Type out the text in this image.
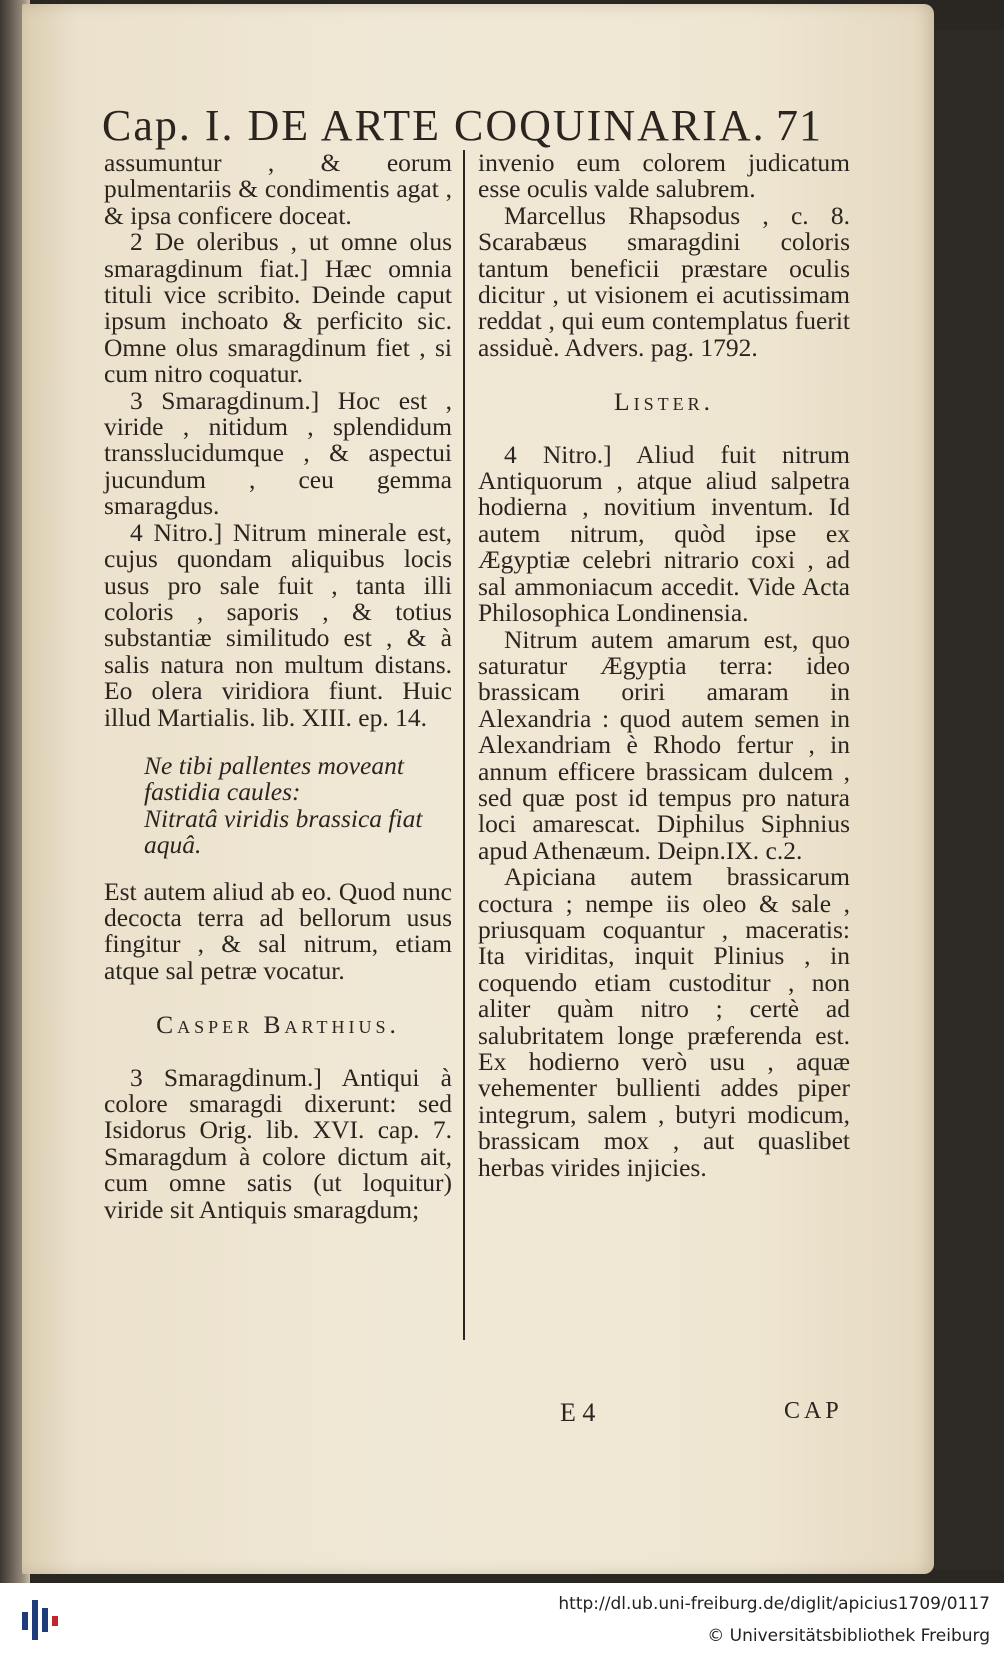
Cap. I. DE ARTE COQUINARIA. 71

assumuntur , & eorum pulmentariis & condimentis agat , & ipsa conficere doceat.

2 De oleribus , ut omne olus smaragdinum fiat.] Hæc omnia tituli vice scribito. Deinde caput ipsum inchoato & perficito sic. Omne olus smaragdinum fiet , si cum nitro coquatur.

3 Smaragdinum.] Hoc est , viride , nitidum , splendidum transslucidumque , & aspectui jucundum , ceu gemma smaragdus.

4 Nitro.] Nitrum minerale est, cujus quondam aliquibus locis usus pro sale fuit , tanta illi coloris , saporis , & totius substantiæ similitudo est , & à salis natura non multum distans. Eo olera viridiora fiunt. Huic illud Martialis. lib. XIII. ep. 14.

Ne tibi pallentes moveant fastidia caules:
Nitratâ viridis brassica fiat aquâ.

Est autem aliud ab eo. Quod nunc decocta terra ad bellorum usus fingitur , & sal nitrum, etiam atque sal petræ vocatur.

Casper Barthius.

3 Smaragdinum.] Antiqui à colore smaragdi dixerunt: sed Isidorus Orig. lib. XVI. cap. 7. Smaragdum à colore dictum ait, cum omne satis (ut loquitur) viride sit Antiquis smaragdum;

invenio eum colorem judicatum esse oculis valde salubrem.

Marcellus Rhapsodus , c. 8. Scarabæus smaragdini coloris tantum beneficii præstare oculis dicitur , ut visionem ei acutissimam reddat , qui eum contemplatus fuerit assiduè. Advers. pag. 1792.

Lister.

4 Nitro.] Aliud fuit nitrum Antiquorum , atque aliud salpetra hodierna , novitium inventum. Id autem nitrum, quòd ipse ex Ægyptiæ celebri nitrario coxi , ad sal ammoniacum accedit. Vide Acta Philosophica Londinensia.

Nitrum autem amarum est, quo saturatur Ægyptia terra: ideo brassicam oriri amaram in Alexandria : quod autem semen in Alexandriam è Rhodo fertur , in annum efficere brassicam dulcem , sed quæ post id tempus pro natura loci amarescat. Diphilus Siphnius apud Athenæum. Deipn.IX. c.2.

Apiciana autem brassicarum coctura ; nempe iis oleo & sale , priusquam coquantur , maceratis: Ita viriditas, inquit Plinius , in coquendo etiam custoditur , non aliter quàm nitro ; certè ad salubritatem longe præferenda est. Ex hodierno verò usu , aquæ vehementer bullienti addes piper integrum, salem , butyri modicum, brassicam mox , aut quaslibet herbas virides injicies.

E 4	CAP
http://dl.ub.uni-freiburg.de/diglit/apicius1709/0117
© Universitätsbibliothek Freiburg
